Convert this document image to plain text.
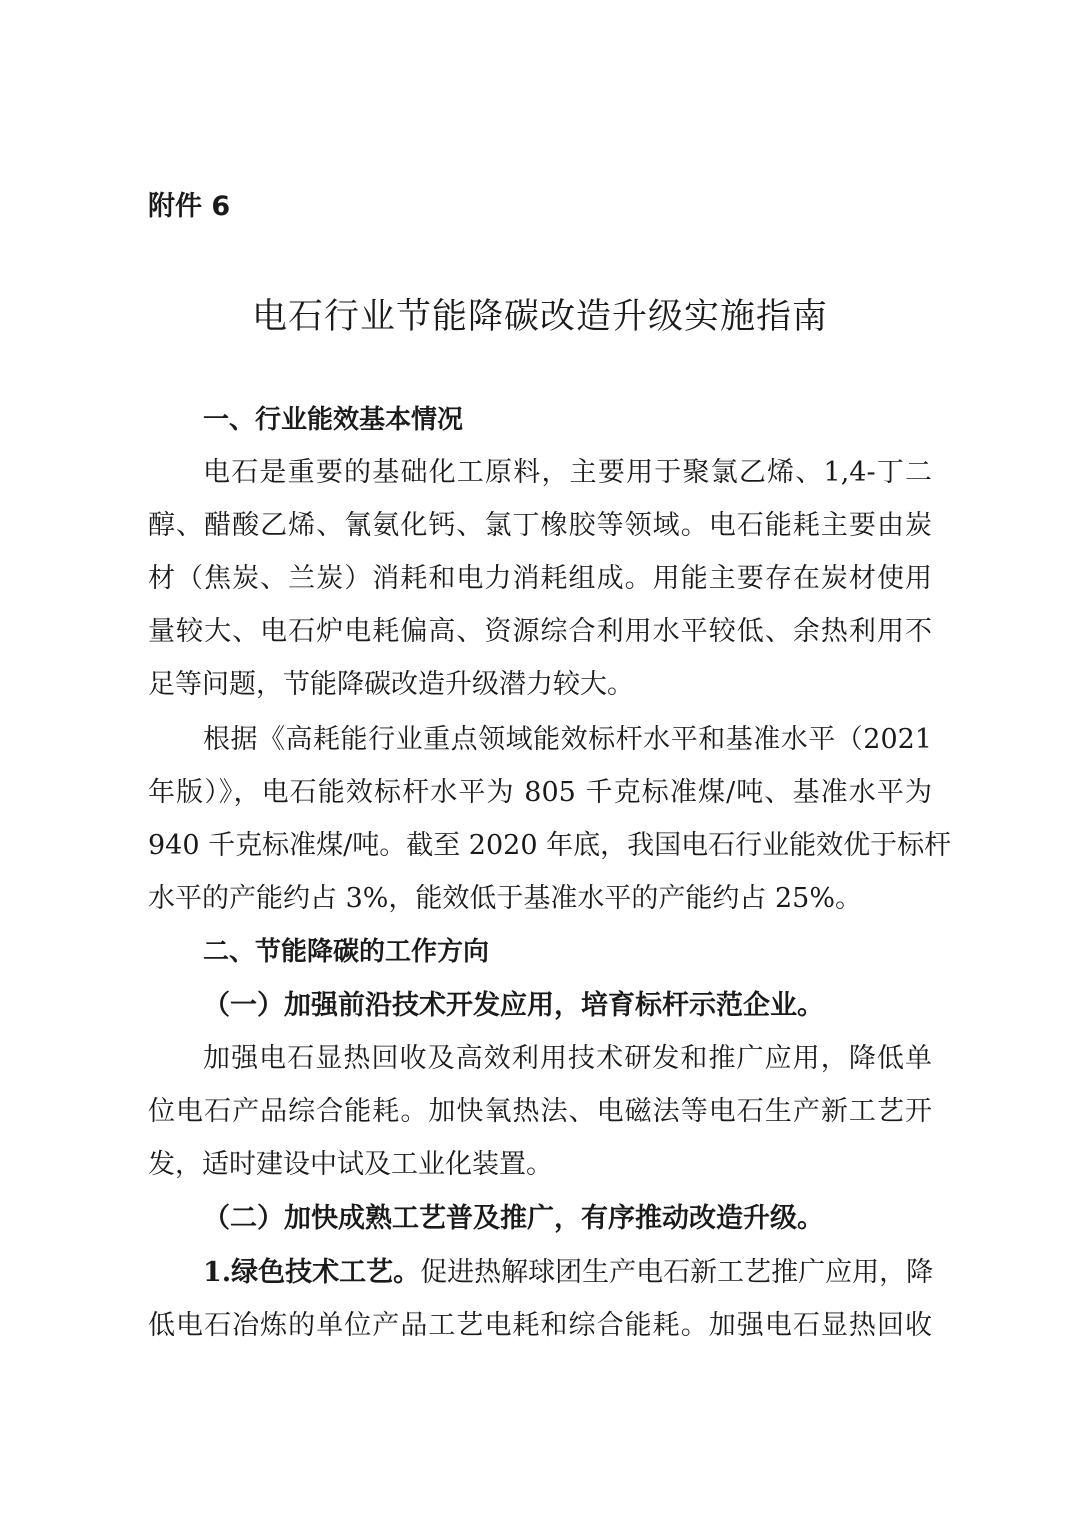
附件 6
电石行业节能降碳改造升级实施指南
一、行业能效基本情况
电石是重要的基础化工原料，主要用于聚氯乙烯、1,4-丁二
醇、醋酸乙烯、氰氨化钙、氯丁橡胶等领域。电石能耗主要由炭
材（焦炭、兰炭）消耗和电力消耗组成。用能主要存在炭材使用
量较大、电石炉电耗偏高、资源综合利用水平较低、余热利用不
足等问题，节能降碳改造升级潜力较大。
根据《高耗能行业重点领域能效标杆水平和基准水平（2021
年版）》，电石能效标杆水平为 805 千克标准煤/吨、基准水平为
940 千克标准煤/吨。截至 2020 年底，我国电石行业能效优于标杆
水平的产能约占 3%，能效低于基准水平的产能约占 25%。
二、节能降碳的工作方向
（一）加强前沿技术开发应用，培育标杆示范企业。
加强电石显热回收及高效利用技术研发和推广应用，降低单
位电石产品综合能耗。加快氧热法、电磁法等电石生产新工艺开
发，适时建设中试及工业化装置。
（二）加快成熟工艺普及推广，有序推动改造升级。
1.绿色技术工艺。促进热解球团生产电石新工艺推广应用，降
低电石冶炼的单位产品工艺电耗和综合能耗。加强电石显热回收
